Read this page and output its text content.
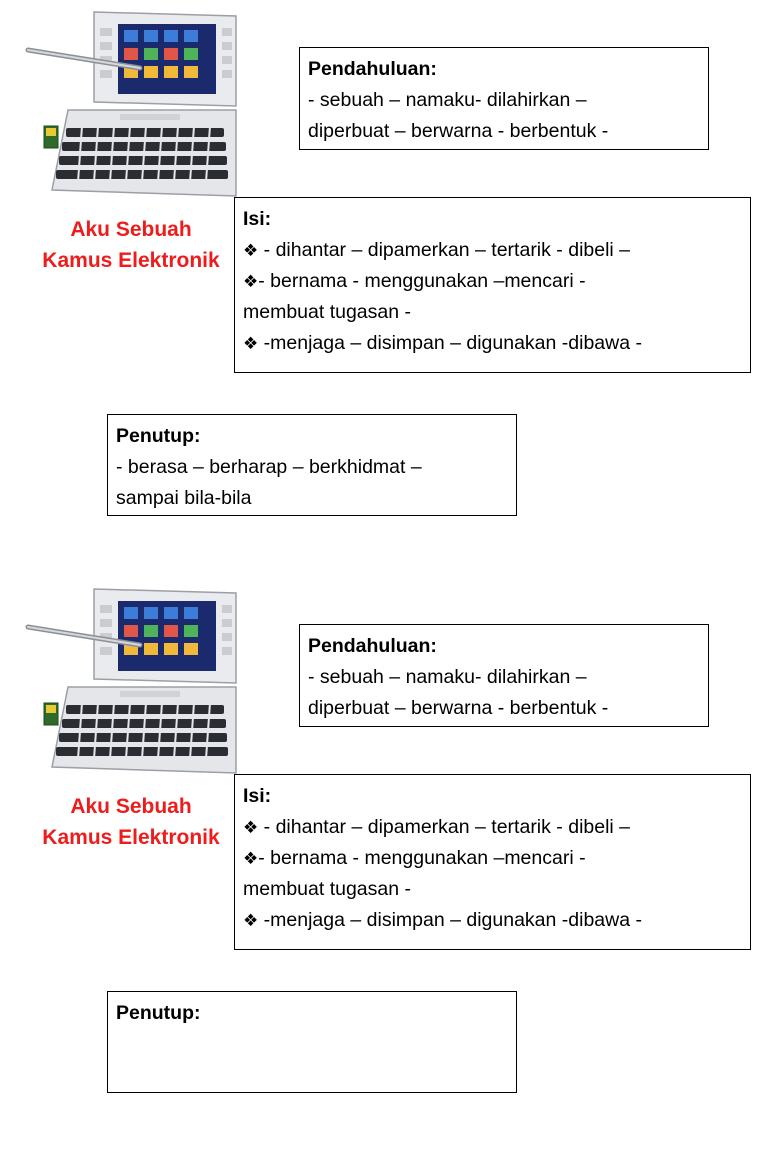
Aku Sebuah
Kamus Elektronik
Pendahuluan:
- sebuah – namaku- dilahirkan –
diperbuat – berwarna - berbentuk -
Isi:
❖ - dihantar – dipamerkan – tertarik - dibeli –
❖- bernama - menggunakan –mencari -
membuat tugasan -
❖ -menjaga – disimpan – digunakan -dibawa -
Penutup:
- berasa – berharap – berkhidmat –
sampai bila-bila
Aku Sebuah
Kamus Elektronik
Pendahuluan:
- sebuah – namaku- dilahirkan –
diperbuat – berwarna - berbentuk -
Isi:
❖ - dihantar – dipamerkan – tertarik - dibeli –
❖- bernama - menggunakan –mencari -
membuat tugasan -
❖ -menjaga – disimpan – digunakan -dibawa -
Penutup:
